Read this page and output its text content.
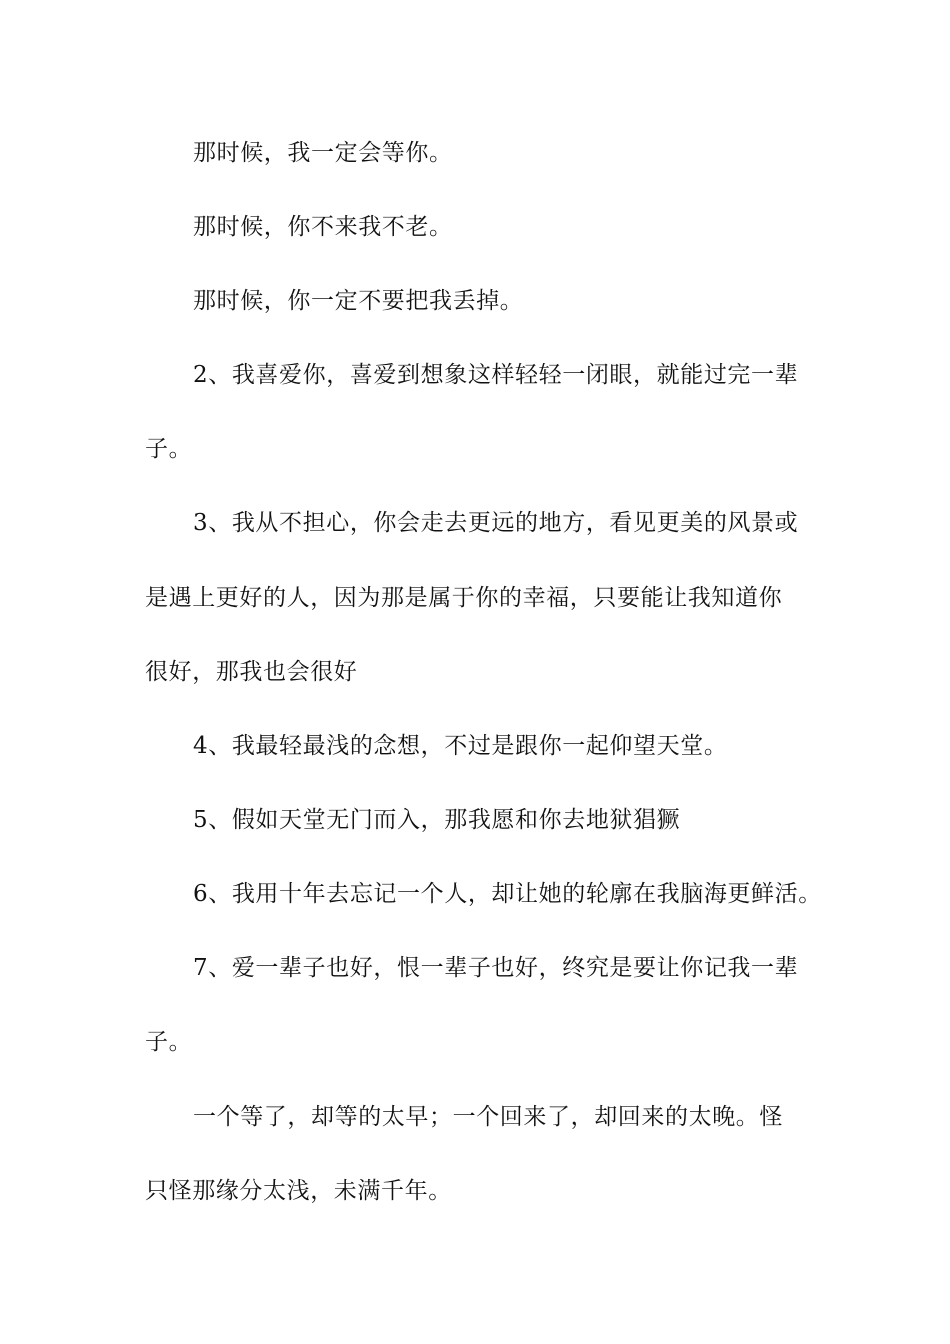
那时候，我一定会等你。
那时候，你不来我不老。
那时候，你一定不要把我丢掉。
2、我喜爱你，喜爱到想象这样轻轻一闭眼，就能过完一辈
子。
3、我从不担心，你会走去更远的地方，看见更美的风景或
是遇上更好的人，因为那是属于你的幸福，只要能让我知道你
很好，那我也会很好
4、我最轻最浅的念想，不过是跟你一起仰望天堂。
5、假如天堂无门而入，那我愿和你去地狱猖獗
6、我用十年去忘记一个人，却让她的轮廓在我脑海更鲜活。
7、爱一辈子也好，恨一辈子也好，终究是要让你记我一辈
子。
一个等了，却等的太早；一个回来了，却回来的太晚。怪
只怪那缘分太浅，未满千年。
